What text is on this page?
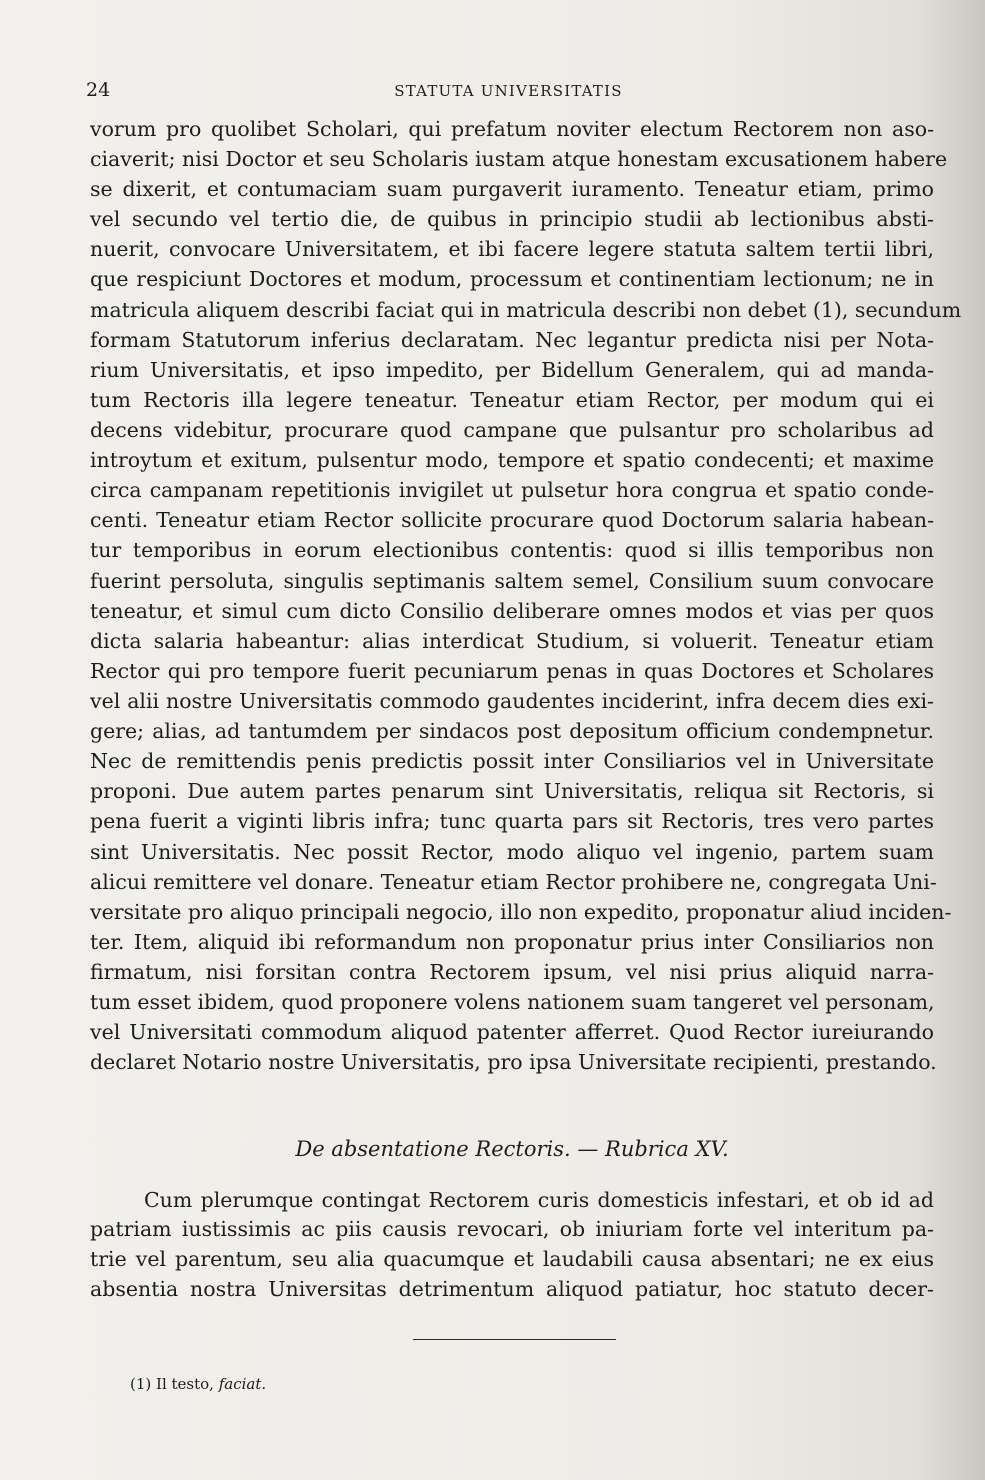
24	STATUTA UNIVERSITATIS
vorum pro quolibet Scholari, qui prefatum noviter electum Rectorem non aso-
ciaverit; nisi Doctor et seu Scholaris iustam atque honestam excusationem habere
se dixerit, et contumaciam suam purgaverit iuramento. Teneatur etiam, primo
vel secundo vel tertio die, de quibus in principio studii ab lectionibus absti-
nuerit, convocare Universitatem, et ibi facere legere statuta saltem tertii libri,
que respiciunt Doctores et modum, processum et continentiam lectionum; ne in
matricula aliquem describi faciat qui in matricula describi non debet (1), secundum
formam Statutorum inferius declaratam. Nec legantur predicta nisi per Nota-
rium Universitatis, et ipso impedito, per Bidellum Generalem, qui ad manda-
tum Rectoris illa legere teneatur. Teneatur etiam Rector, per modum qui ei
decens videbitur, procurare quod campane que pulsantur pro scholaribus ad
introytum et exitum, pulsentur modo, tempore et spatio condecenti; et maxime
circa campanam repetitionis invigilet ut pulsetur hora congrua et spatio conde-
centi. Teneatur etiam Rector sollicite procurare quod Doctorum salaria habean-
tur temporibus in eorum electionibus contentis: quod si illis temporibus non
fuerint persoluta, singulis septimanis saltem semel, Consilium suum convocare
teneatur, et simul cum dicto Consilio deliberare omnes modos et vias per quos
dicta salaria habeantur: alias interdicat Studium, si voluerit. Teneatur etiam
Rector qui pro tempore fuerit pecuniarum penas in quas Doctores et Scholares
vel alii nostre Universitatis commodo gaudentes inciderint, infra decem dies exi-
gere; alias, ad tantumdem per sindacos post depositum officium condempnetur.
Nec de remittendis penis predictis possit inter Consiliarios vel in Universitate
proponi. Due autem partes penarum sint Universitatis, reliqua sit Rectoris, si
pena fuerit a viginti libris infra; tunc quarta pars sit Rectoris, tres vero partes
sint Universitatis. Nec possit Rector, modo aliquo vel ingenio, partem suam
alicui remittere vel donare. Teneatur etiam Rector prohibere ne, congregata Uni-
versitate pro aliquo principali negocio, illo non expedito, proponatur aliud inciden-
ter. Item, aliquid ibi reformandum non proponatur prius inter Consiliarios non
firmatum, nisi forsitan contra Rectorem ipsum, vel nisi prius aliquid narra-
tum esset ibidem, quod proponere volens nationem suam tangeret vel personam,
vel Universitati commodum aliquod patenter afferret. Quod Rector iureiurando
declaret Notario nostre Universitatis, pro ipsa Universitate recipienti, prestando.
De absentatione Rectoris. — Rubrica XV.
Cum plerumque contingat Rectorem curis domesticis infestari, et ob id ad
patriam iustissimis ac piis causis revocari, ob iniuriam forte vel interitum pa-
trie vel parentum, seu alia quacumque et laudabili causa absentari; ne ex eius
absentia nostra Universitas detrimentum aliquod patiatur, hoc statuto decer-
(1) Il testo, faciat.
